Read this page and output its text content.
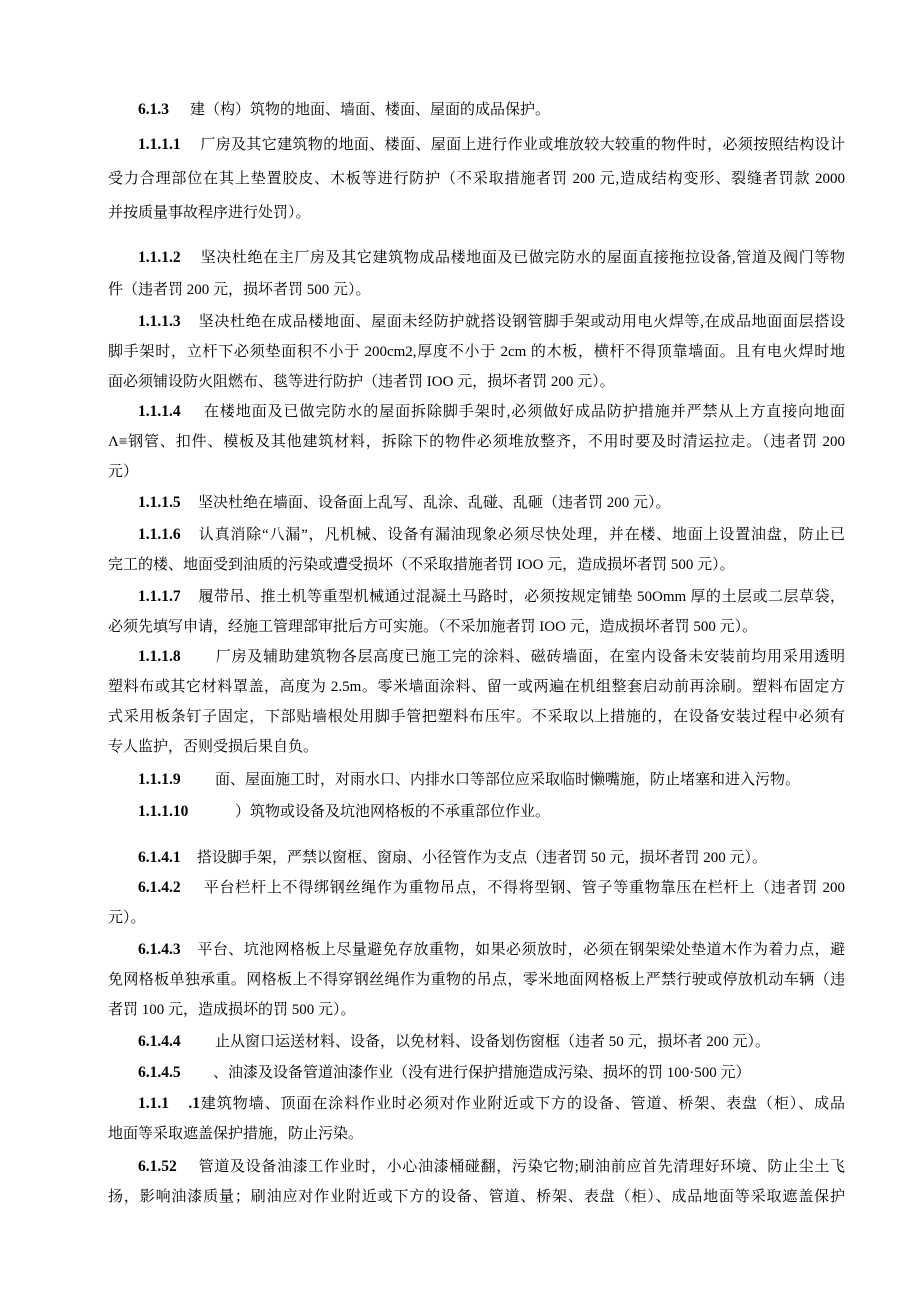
6.1.3 建（构）筑物的地面、墙面、楼面、屋面的成品保护。
1.1.1.1 厂房及其它建筑物的地面、楼面、屋面上进行作业或堆放较大较重的物件时，必须按照结构设计
受力合理部位在其上垫置胶皮、木板等进行防护（不采取措施者罚 200 元,造成结构变形、裂缝者罚款 2000
并按质量事故程序进行处罚）。
1.1.1.2 坚决杜绝在主厂房及其它建筑物成品楼地面及已做完防水的屋面直接拖拉设备,管道及阀门等物
件（违者罚 200 元，损坏者罚 500 元）。
1.1.1.3 坚决杜绝在成品楼地面、屋面未经防护就搭设钢管脚手架或动用电火焊等,在成品地面面层搭设
脚手架时，立杆下必须垫面积不小于 200cm2,厚度不小于 2cm 的木板，横杆不得顶靠墙面。且有电火焊时地
面必须铺设防火阻燃布、毯等进行防护（违者罚 IOO 元，损坏者罚 200 元）。
1.1.1.4 在楼地面及已做完防水的屋面拆除脚手架时,必须做好成品防护措施并严禁从上方直接向地面
Λ≡钢管、扣件、模板及其他建筑材料，拆除下的物件必须堆放整齐，不用时要及时清运拉走。（违者罚 200
元）
1.1.1.5 坚决杜绝在墙面、设备面上乱写、乱涂、乱碰、乱砸（违者罚 200 元）。
1.1.1.6 认真消除“八漏”，凡机械、设备有漏油现象必须尽快处理，并在楼、地面上设置油盘，防止已
完工的楼、地面受到油质的污染或遭受损坏（不采取措施者罚 IOO 元，造成损坏者罚 500 元）。
1.1.1.7 履带吊、推土机等重型机械通过混凝土马路时，必须按规定铺垫 50Omm 厚的土层或二层草袋，
必须先填写申请，经施工管理部审批后方可实施。（不采加施者罚 IOO 元，造成损坏者罚 500 元）。
1.1.1.8 厂房及辅助建筑物各层高度已施工完的涂料、磁砖墙面，在室内设备未安装前均用采用透明
塑料布或其它材料罩盖，高度为 2.5m。零米墙面涂料、留一或两遍在机组整套启动前再涂刷。塑料布固定方
式采用板条钉子固定，下部贴墙根处用脚手管把塑料布压牢。不采取以上措施的，在设备安装过程中必须有
专人监护，否则受损后果自负。
1.1.1.9 面、屋面施工时，对雨水口、内排水口等部位应采取临时懒嘴施，防止堵塞和进入污物。
1.1.1.10	）筑物或设备及坑池网格板的不承重部位作业。
6.1.4.1 搭设脚手架，严禁以窗框、窗扇、小径管作为支点（违者罚 50 元，损坏者罚 200 元）。
6.1.4.2 平台栏杆上不得绑钢丝绳作为重物吊点，不得将型钢、管子等重物靠压在栏杆上（违者罚 200
元）。
6.1.4.3 平台、坑池网格板上尽量避免存放重物，如果必须放时，必须在钢架梁处垫道木作为着力点，避
免网格板单独承重。网格板上不得穿钢丝绳作为重物的吊点，零米地面网格板上严禁行驶或停放机动车辆（违
者罚 100 元，造成损坏的罚 500 元）。
6.1.4.4 止从窗口运送材料、设备，以免材料、设备划伤窗框（违者 50 元，损坏者 200 元）。
6.1.4.5 、油漆及设备管道油漆作业（没有进行保护措施造成污染、损坏的罚 100·500 元）
1.1.1　.1建筑物墙、顶面在涂料作业时必须对作业附近或下方的设备、管道、桥架、表盘（柜）、成品
地面等采取遮盖保护措施，防止污染。
6.1.52 管道及设备油漆工作业时，小心油漆桶碰翻，污染它物;刷油前应首先清理好环境、防止尘土飞
扬，影响油漆质量；刷油应对作业附近或下方的设备、管道、桥架、表盘（柜）、成品地面等采取遮盖保护
